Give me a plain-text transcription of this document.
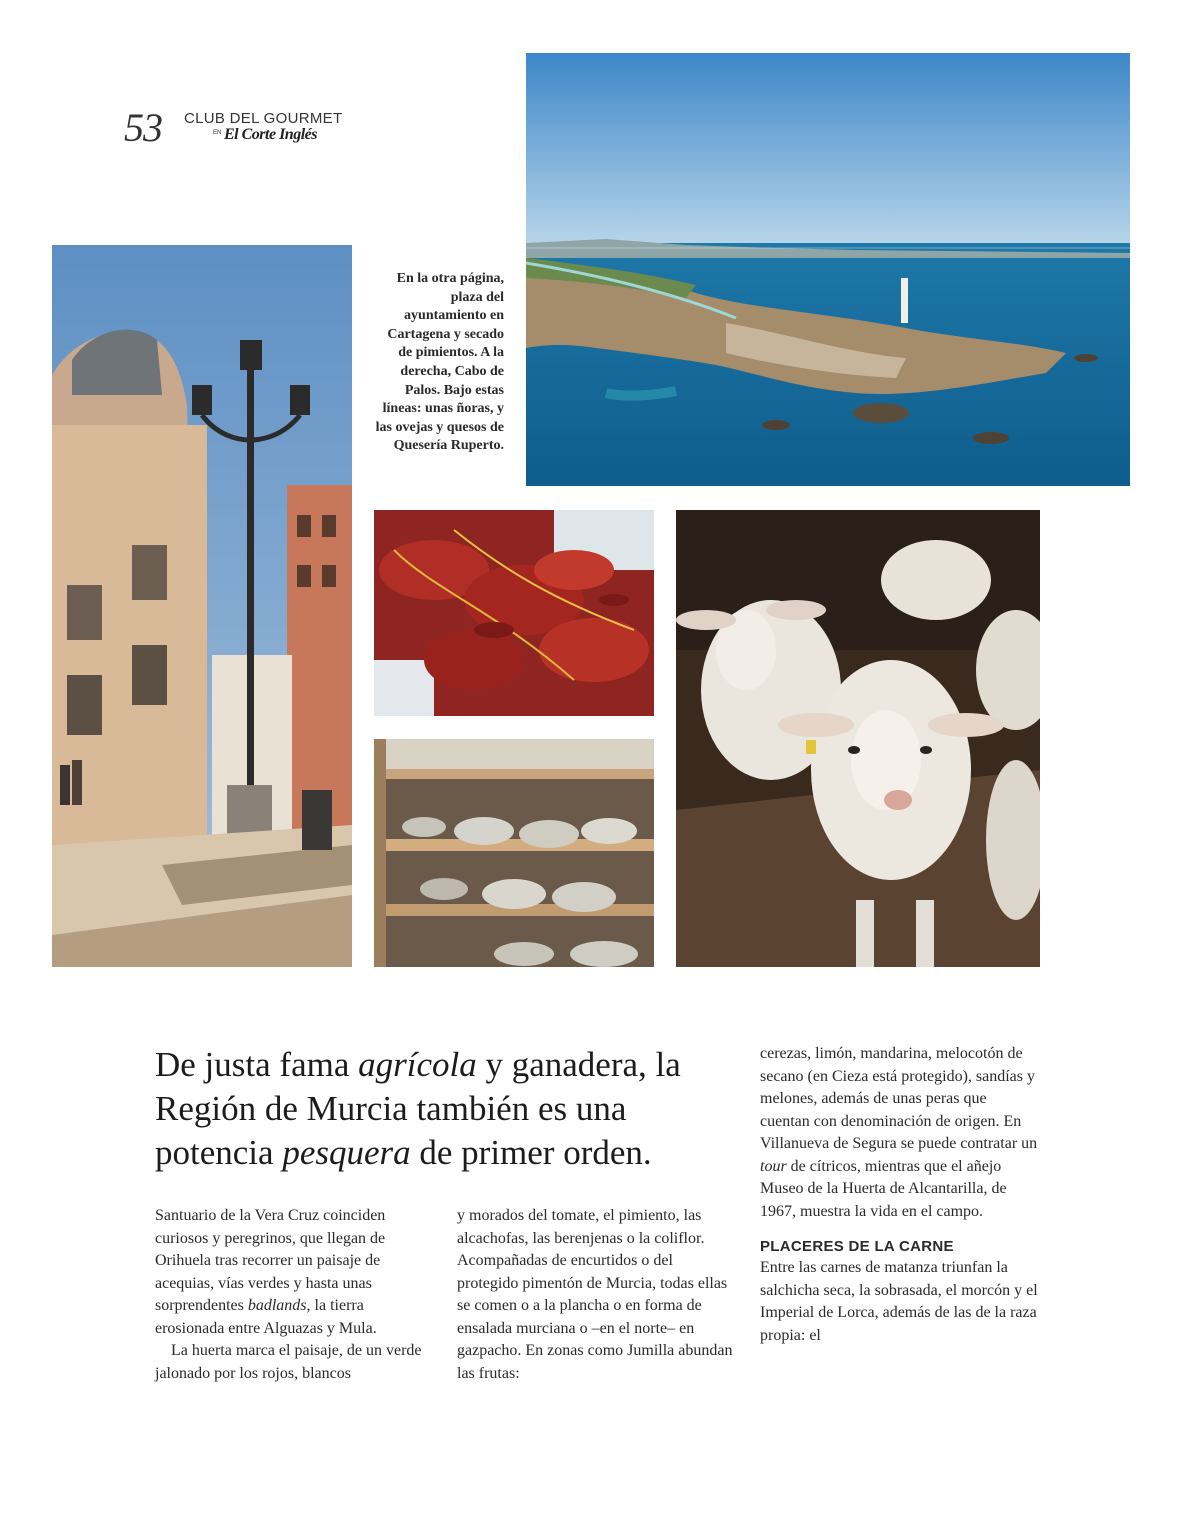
53 CLUB DEL GOURMET
EN El Corte Inglés
En la otra página, plaza del ayuntamiento en Cartagena y secado de pimientos. A la derecha, Cabo de Palos. Bajo estas líneas: unas ñoras, y las ovejas y quesos de Quesería Ruperto.
De justa fama agrícola y ganadera, la Región de Murcia también es una potencia pesquera de primer orden.

Santuario de la Vera Cruz coinciden curiosos y peregrinos, que llegan de Orihuela tras recorrer un paisaje de acequias, vías verdes y hasta unas sorprendentes badlands, la tierra erosionada entre Alguazas y Mula.

La huerta marca el paisaje, de un verde jalonado por los rojos, blancos

y morados del tomate, el pimiento, las alcachofas, las berenjenas o la coliflor. Acompañadas de encurtidos o del protegido pimentón de Murcia, todas ellas se comen o a la plancha o en forma de ensalada murciana o –en el norte– en gazpacho. En zonas como Jumilla abundan las frutas:

cerezas, limón, mandarina, melocotón de secano (en Cieza está protegido), sandías y melones, además de unas peras que cuentan con denominación de origen. En Villanueva de Segura se puede contratar un tour de cítricos, mientras que el añejo Museo de la Huerta de Alcantarilla, de 1967, muestra la vida en el campo.

PLACERES DE LA CARNE

Entre las carnes de matanza triunfan la salchicha seca, la sobrasada, el morcón y el Imperial de Lorca, además de las de la raza propia: el
